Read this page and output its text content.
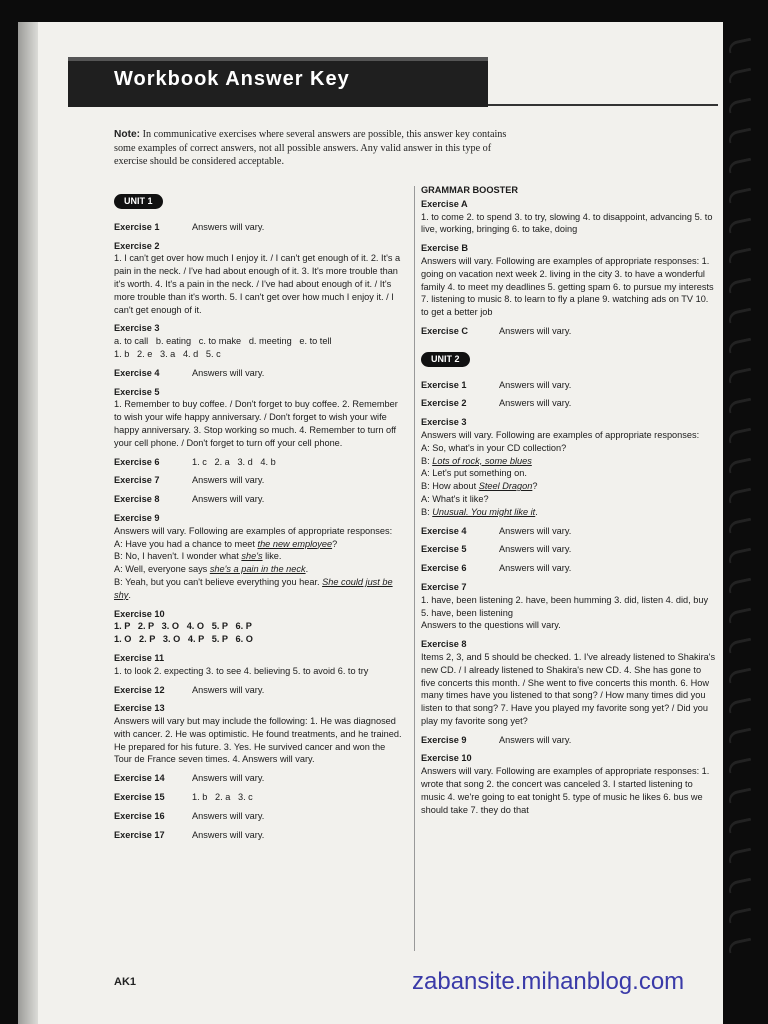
Workbook Answer Key
Note: In communicative exercises where several answers are possible, this answer key contains some examples of correct answers, not all possible answers. Any valid answer in this type of exercise should be considered acceptable.
UNIT 1
Exercise 1	Answers will vary.
Exercise 2
1. I can't get over how much I enjoy it. / I can't get enough of it. 2. It's a pain in the neck. / I've had about enough of it. 3. It's more trouble than it's worth. 4. It's a pain in the neck. / I've had about enough of it. / It's more trouble than it's worth. 5. I can't get over how much I enjoy it. / I can't get enough of it.
Exercise 3
a. to call   b. eating   c. to make   d. meeting   e. to tell
1. b   2. e   3. a   4. d   5. c
Exercise 4	Answers will vary.
Exercise 5
1. Remember to buy coffee. / Don't forget to buy coffee. 2. Remember to wish your wife happy anniversary. / Don't forget to wish your wife happy anniversary. 3. Stop working so much. 4. Remember to turn off your cell phone. / Don't forget to turn off your cell phone.
Exercise 6	1. c   2. a   3. d   4. b
Exercise 7	Answers will vary.
Exercise 8	Answers will vary.
Exercise 9
Answers will vary. Following are examples of appropriate responses:
A: Have you had a chance to meet the new employee?
B: No, I haven't. I wonder what she's like.
A: Well, everyone says she's a pain in the neck.
B: Yeah, but you can't believe everything you hear. She could just be shy.
Exercise 10
1. P   2. P   3. O   4. O   5. P   6. P
1. O   2. P   3. O   4. P   5. P   6. O
Exercise 11
1. to look 2. expecting 3. to see 4. believing 5. to avoid 6. to try
Exercise 12	Answers will vary.
Exercise 13
Answers will vary but may include the following: 1. He was diagnosed with cancer. 2. He was optimistic. He found treatments, and he trained. He prepared for his future. 3. Yes. He survived cancer and won the Tour de France seven times. 4. Answers will vary.
Exercise 14	Answers will vary.
Exercise 15	1. b   2. a   3. c
Exercise 16	Answers will vary.
Exercise 17	Answers will vary.
GRAMMAR BOOSTER
Exercise A
1. to come 2. to spend 3. to try, slowing 4. to disappoint, advancing 5. to live, working, bringing 6. to take, doing
Exercise B
Answers will vary. Following are examples of appropriate responses: 1. going on vacation next week 2. living in the city 3. to have a wonderful family 4. to meet my deadlines 5. getting spam 6. to pursue my interests 7. listening to music 8. to learn to fly a plane 9. watching ads on TV 10. to get a better job
Exercise C	Answers will vary.
UNIT 2
Exercise 1	Answers will vary.
Exercise 2	Answers will vary.
Exercise 3
Answers will vary. Following are examples of appropriate responses:
A: So, what's in your CD collection?
B: Lots of rock, some blues
A: Let's put something on.
B: How about Steel Dragon?
A: What's it like?
B: Unusual. You might like it.
Exercise 4	Answers will vary.
Exercise 5	Answers will vary.
Exercise 6	Answers will vary.
Exercise 7
1. have, been listening 2. have, been humming 3. did, listen 4. did, buy 5. have, been listening
Answers to the questions will vary.
Exercise 8
Items 2, 3, and 5 should be checked. 1. I've already listened to Shakira's new CD. / I already listened to Shakira's new CD. 4. She has gone to five concerts this month. / She went to five concerts this month. 6. How many times have you listened to that song? / How many times did you listen to that song? 7. Have you played my favorite song yet? / Did you play my favorite song yet?
Exercise 9	Answers will vary.
Exercise 10
Answers will vary. Following are examples of appropriate responses: 1. wrote that song 2. the concert was canceled 3. I started listening to music 4. we're going to eat tonight 5. type of music he likes 6. bus we should take 7. they do that
AK1	zabansite.mihanblog.com
